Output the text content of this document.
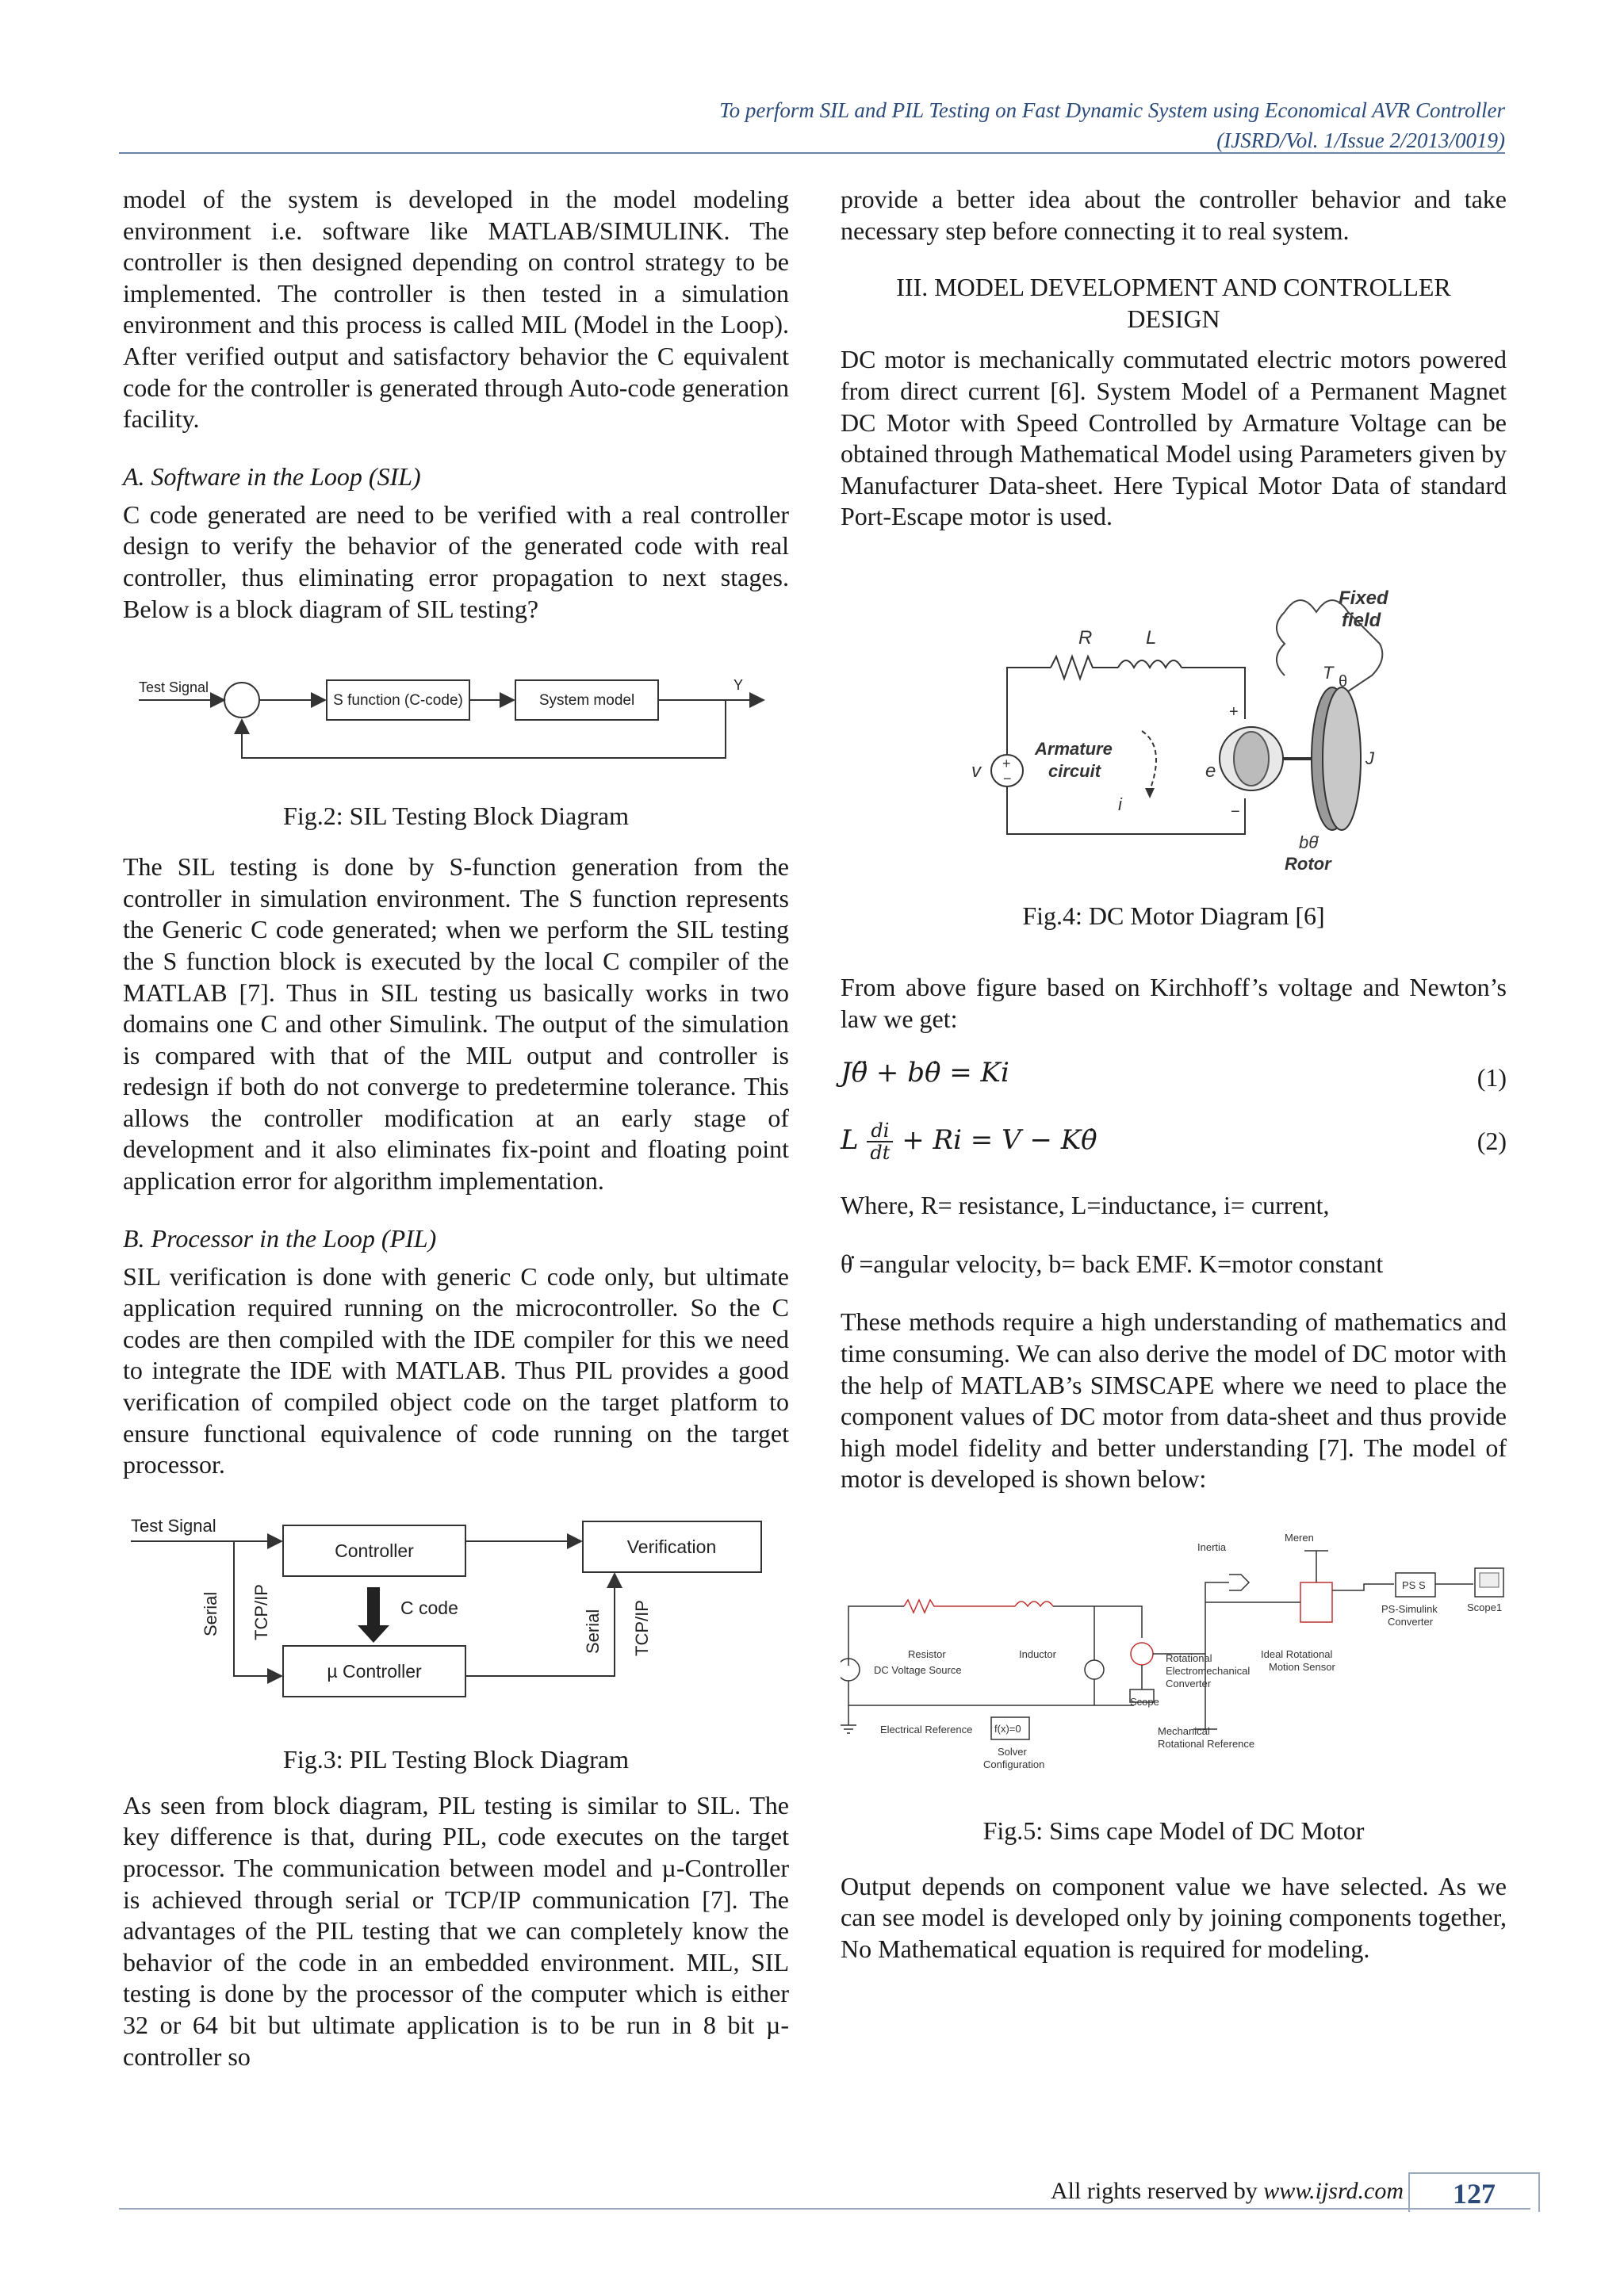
To perform SIL and PIL Testing on Fast Dynamic System using Economical AVR Controller
(IJSRD/Vol. 1/Issue 2/2013/0019)

model of the system is developed in the model modeling environment i.e. software like MATLAB/SIMULINK. The controller is then designed depending on control strategy to be implemented. The controller is then tested in a simulation environment and this process is called MIL (Model in the Loop). After verified output and satisfactory behavior the C equivalent code for the controller is generated through Auto-code generation facility.

A. Software in the Loop (SIL)

C code generated are need to be verified with a real controller design to verify the behavior of the generated code with real controller, thus eliminating error propagation to next stages. Below is a block diagram of SIL testing?

Test Signal
S function (C-code)	System model
Y
Fig.2: SIL Testing Block Diagram

The SIL testing is done by S-function generation from the controller in simulation environment. The S function represents the Generic C code generated; when we perform the SIL testing the S function block is executed by the local C compiler of the MATLAB [7]. Thus in SIL testing us basically works in two domains one C and other Simulink. The output of the simulation is compared with that of the MIL output and controller is redesign if both do not converge to predetermine tolerance. This allows the controller modification at an early stage of development and it also eliminates fix-point and floating point application error for algorithm implementation.

B. Processor in the Loop (PIL)

SIL verification is done with generic C code only, but ultimate application required running on the microcontroller. So the C codes are then compiled with the IDE compiler for this we need to integrate the IDE with MATLAB. Thus PIL provides a good verification of compiled object code on the target platform to ensure functional equivalence of code running on the target processor.

Test Signal
Controller	Verification
C code
µ Controller
Serial TCP/IP	Serial TCP/IP
Fig.3: PIL Testing Block Diagram

As seen from block diagram, PIL testing is similar to SIL. The key difference is that, during PIL, code executes on the target processor. The communication between model and µ-Controller is achieved through serial or TCP/IP communication [7]. The advantages of the PIL testing that we can completely know the behavior of the code in an embedded environment. MIL, SIL testing is done by the processor of the computer which is either 32 or 64 bit but ultimate application is to be run in 8 bit µ-controller so

provide a better idea about the controller behavior and take necessary step before connecting it to real system.

III. MODEL DEVELOPMENT AND CONTROLLER
DESIGN

DC motor is mechanically commutated electric motors powered from direct current [6]. System Model of a Permanent Magnet DC Motor with Speed Controlled by Armature Voltage can be obtained through Mathematical Model using Parameters given by Manufacturer Data-sheet. Here Typical Motor Data of standard Port-Escape motor is used.

Fixed
field
R	L
+
−
v
Armature
circuit
i
e
+
−
T θ
J
bθ̇
Rotor
Fig.4: DC Motor Diagram [6]

From above figure based on Kirchhoff’s voltage and Newton’s law we get:

Jθ̈ + bθ̇ = Ki	(1)
L $\frac{di}{dt} + Ri = V$ − Kθ̇	(2)

Where, R= resistance, L=inductance, i= current,

θ̇ =angular velocity, b= back EMF. K=motor constant

These methods require a high understanding of mathematics and time consuming. We can also derive the model of DC motor with the help of MATLAB’s SIMSCAPE where we need to place the component values of DC motor from data-sheet and thus provide high model fidelity and better understanding [7]. The model of motor is developed is shown below:

Inertia
Meren
PS S
PS-Simulink
Converter
Scope1
Resistor	Inductor
DC Voltage Source
Rotational
Electromechanical
Converter
Ideal Rotational
Motion Sensor
Scope
Electrical Reference f(x)=0
Solver
Configuration
Mechanical
Rotational Reference
Fig.5: Sims cape Model of DC Motor

Output depends on component value we have selected. As we can see model is developed only by joining components together, No Mathematical equation is required for modeling.

All rights reserved by www.ijsrd.com	127
